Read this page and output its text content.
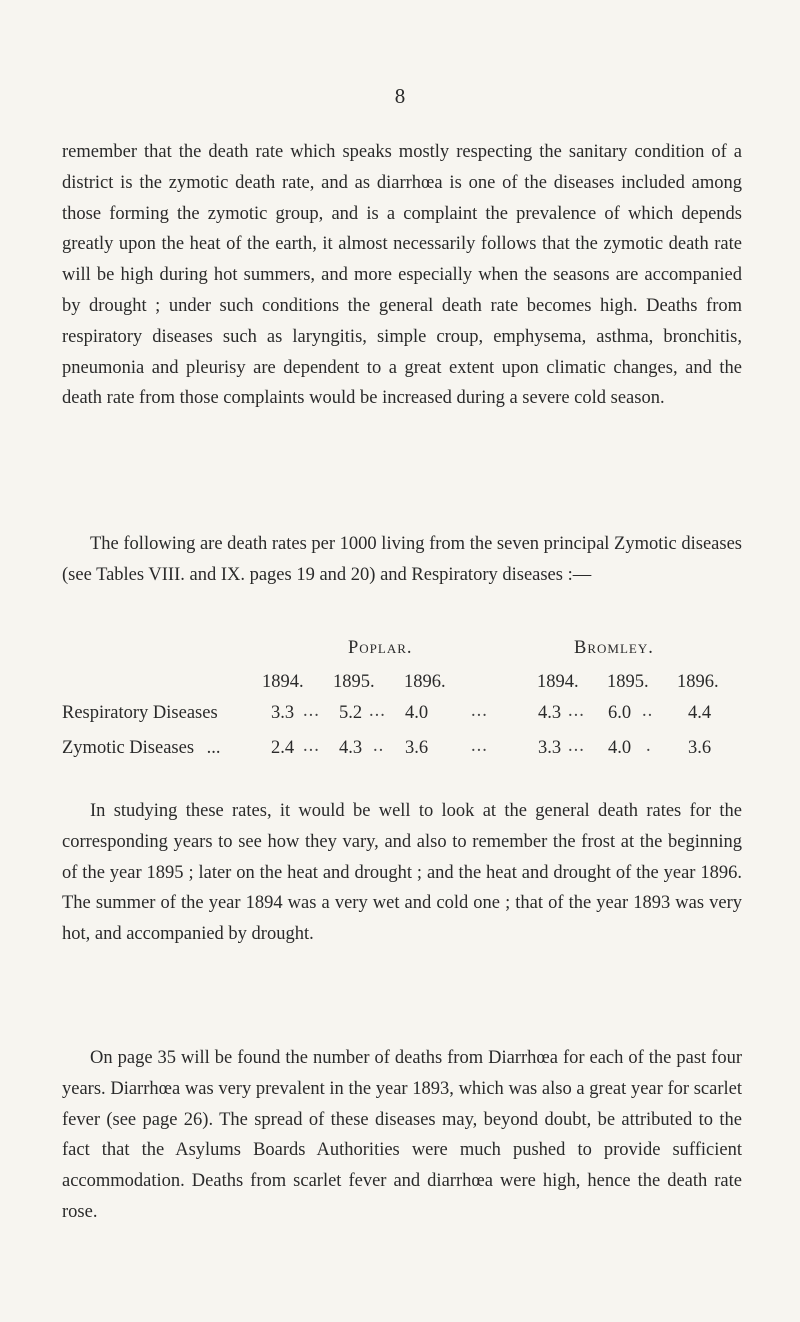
8
remember that the death rate which speaks mostly respecting the sanitary condition of a district is the zymotic death rate, and as diarrhœa is one of the diseases included among those forming the zymotic group, and is a complaint the prevalence of which depends greatly upon the heat of the earth, it almost necessarily follows that the zymotic death rate will be high during hot summers, and more especially when the seasons are accompanied by drought ; under such conditions the general death rate becomes high. Deaths from respiratory diseases such as laryngitis, simple croup, emphysema, asthma, bronchitis, pneumonia and pleurisy are dependent to a great extent upon climatic changes, and the death rate from those complaints would be increased during a severe cold season.
The following are death rates per 1000 living from the seven principal Zymotic diseases (see Tables VIII. and IX. pages 19 and 20) and Respiratory diseases :—
Poplar.	Bromley.
1894. 1895. 1896.	1894. 1895. 1896.
Respiratory Diseases	3.3 ... 5.2 ... 4.0 ...	4.3 ... 6.0 .. 4.4
Zymotic Diseases ...	2.4 ... 4.3 .. 3.6 ...	3.3 ... 4.0 . 3.6
In studying these rates, it would be well to look at the general death rates for the corresponding years to see how they vary, and also to remember the frost at the beginning of the year 1895 ; later on the heat and drought ; and the heat and drought of the year 1896. The summer of the year 1894 was a very wet and cold one ; that of the year 1893 was very hot, and accompanied by drought.
On page 35 will be found the number of deaths from Diarrhœa for each of the past four years. Diarrhœa was very prevalent in the year 1893, which was also a great year for scarlet fever (see page 26). The spread of these diseases may, beyond doubt, be attributed to the fact that the Asylums Boards Authorities were much pushed to provide sufficient accommodation. Deaths from scarlet fever and diarrhœa were high, hence the death rate rose.
